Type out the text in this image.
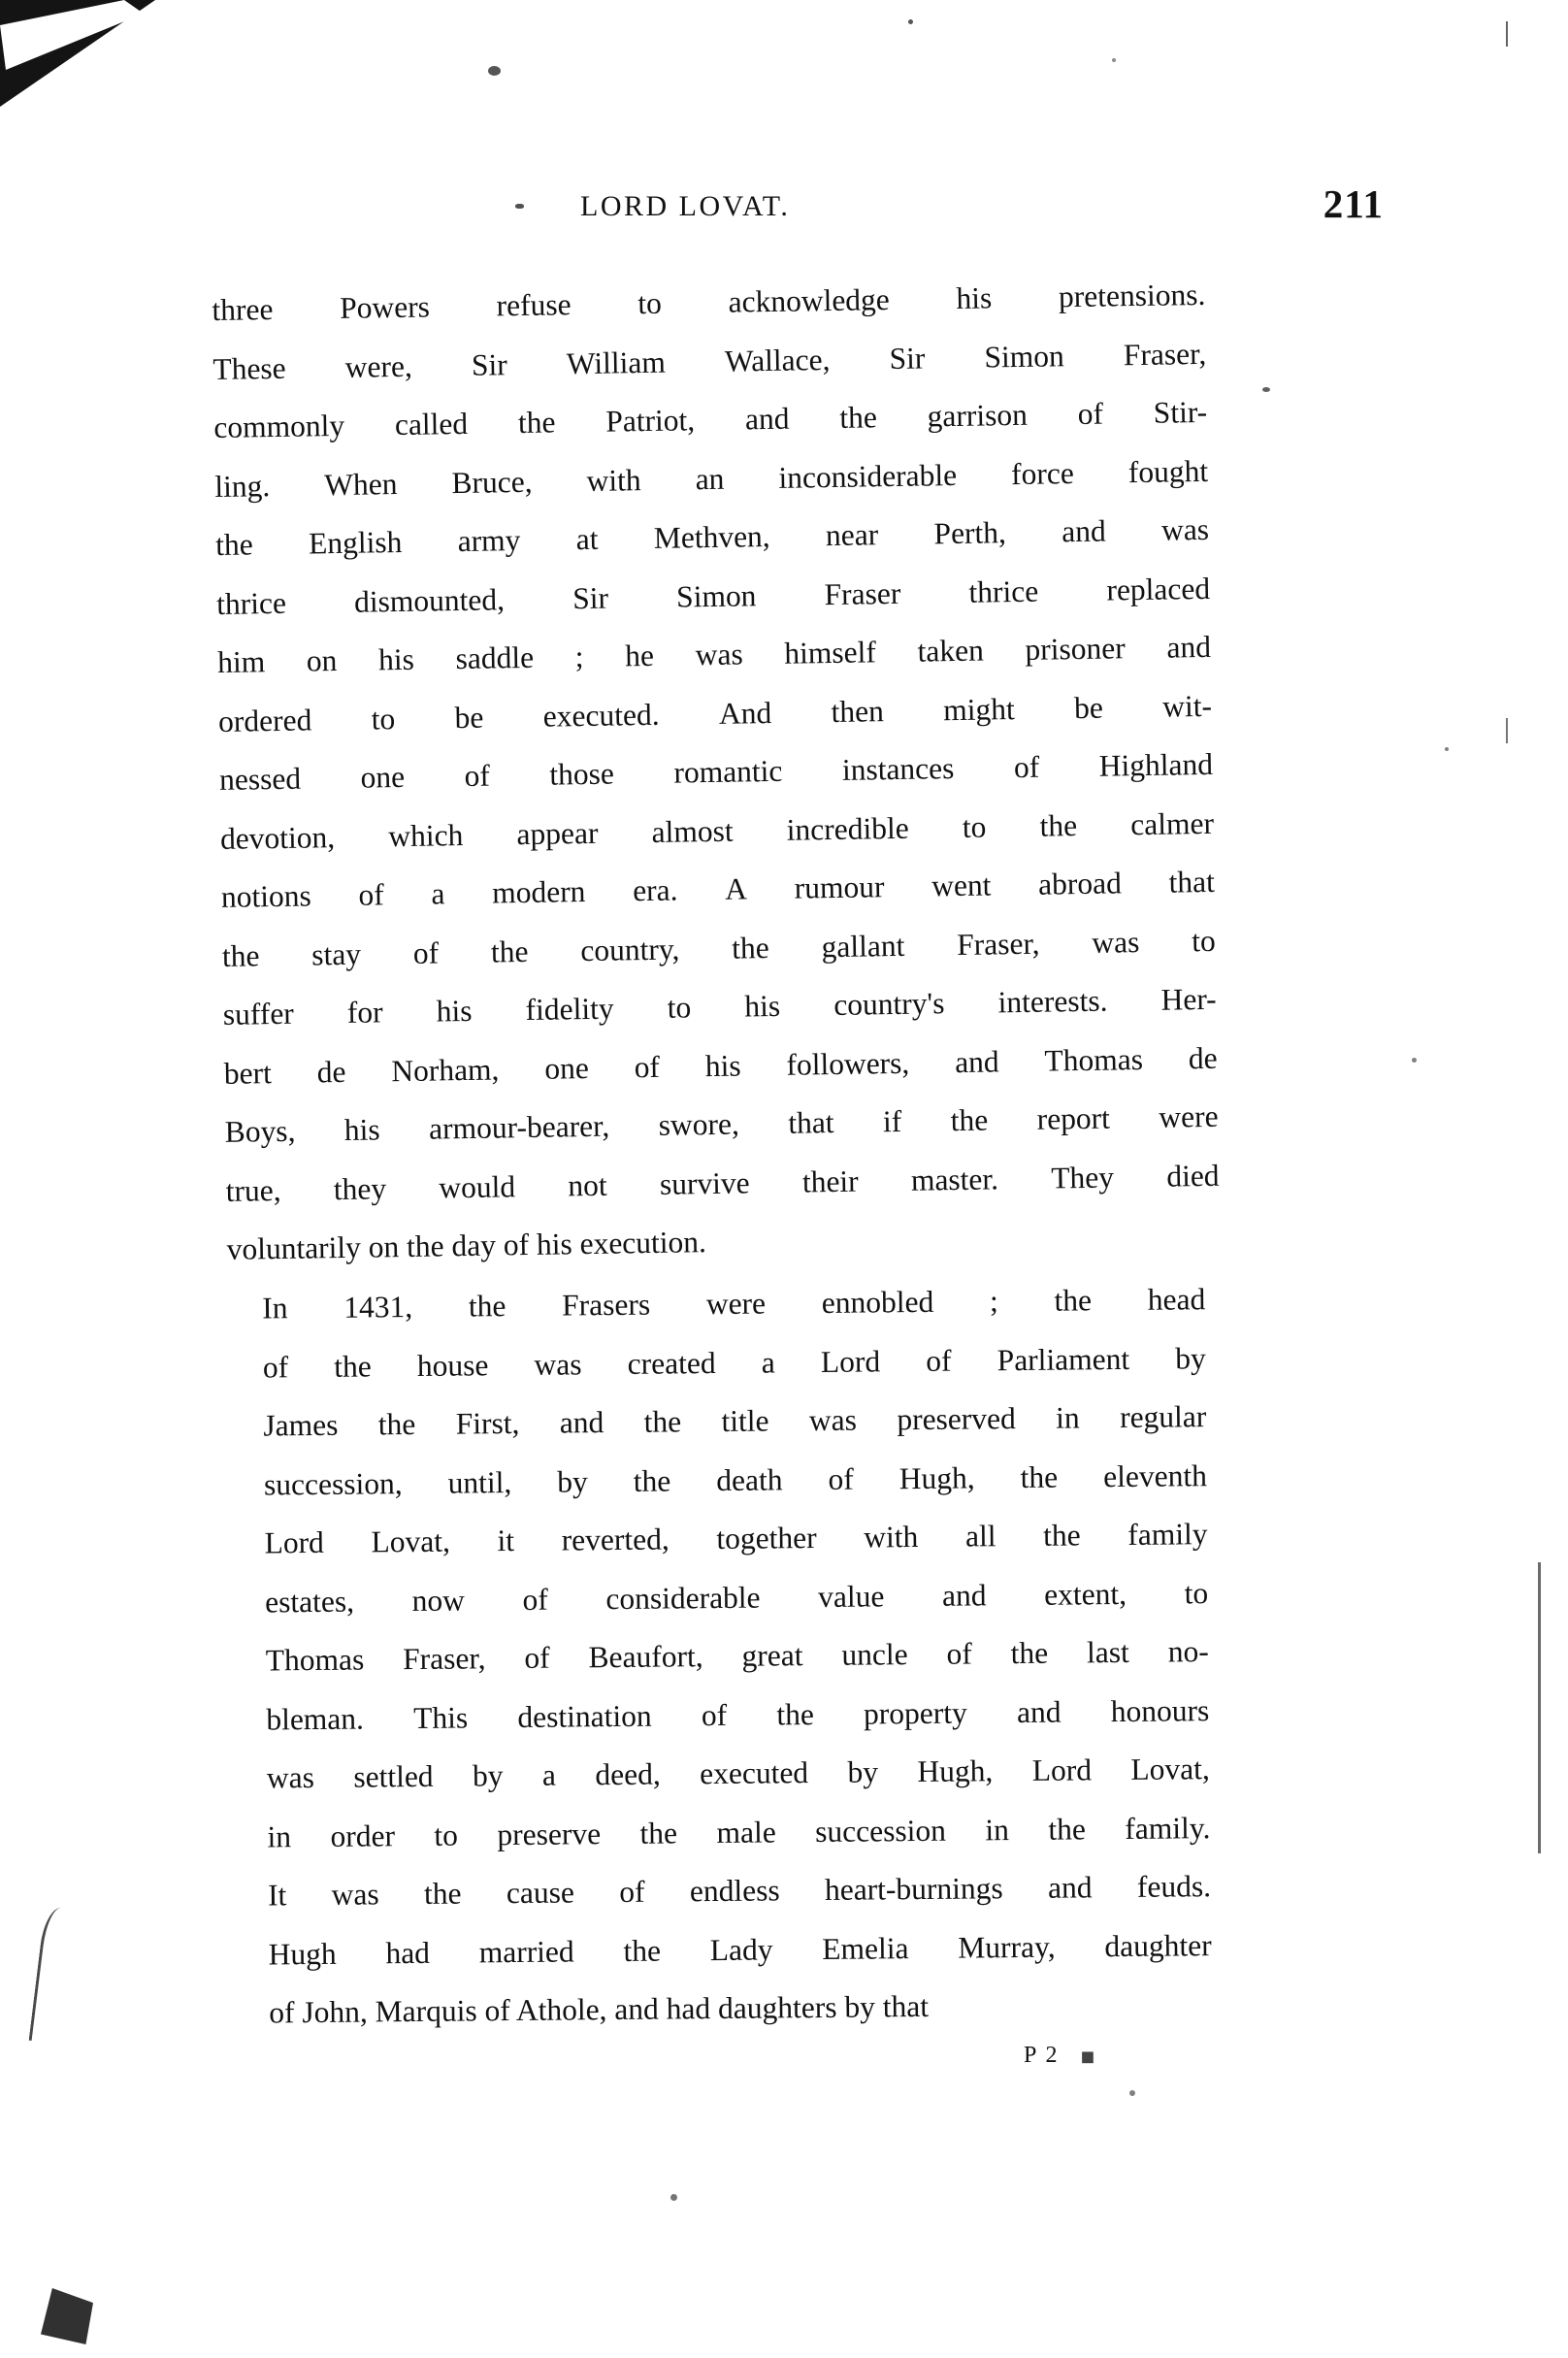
LORD LOVAT.	211

three Powers refuse to acknowledge his pretensions.
These were, Sir William Wallace, Sir Simon Fraser,
commonly called the Patriot, and the garrison of Stir-
ling. When Bruce, with an inconsiderable force fought
the English army at Methven, near Perth, and was
thrice dismounted, Sir Simon Fraser thrice replaced
him on his saddle ; he was himself taken prisoner and
ordered to be executed. And then might be wit-
nessed one of those romantic instances of Highland
devotion, which appear almost incredible to the calmer
notions of a modern era. A rumour went abroad that
the stay of the country, the gallant Fraser, was to
suffer for his fidelity to his country's interests. Her-
bert de Norham, one of his followers, and Thomas de
Boys, his armour-bearer, swore, that if the report were
true, they would not survive their master. They died
voluntarily on the day of his execution.

In 1431, the Frasers were ennobled ; the head
of the house was created a Lord of Parliament by
James the First, and the title was preserved in regular
succession, until, by the death of Hugh, the eleventh
Lord Lovat, it reverted, together with all the family
estates, now of considerable value and extent, to
Thomas Fraser, of Beaufort, great uncle of the last no-
bleman. This destination of the property and honours
was settled by a deed, executed by Hugh, Lord Lovat,
in order to preserve the male succession in the family.
It was the cause of endless heart-burnings and feuds.
Hugh had married the Lady Emelia Murray, daughter
of John, Marquis of Athole, and had daughters by that

P 2 ◼
